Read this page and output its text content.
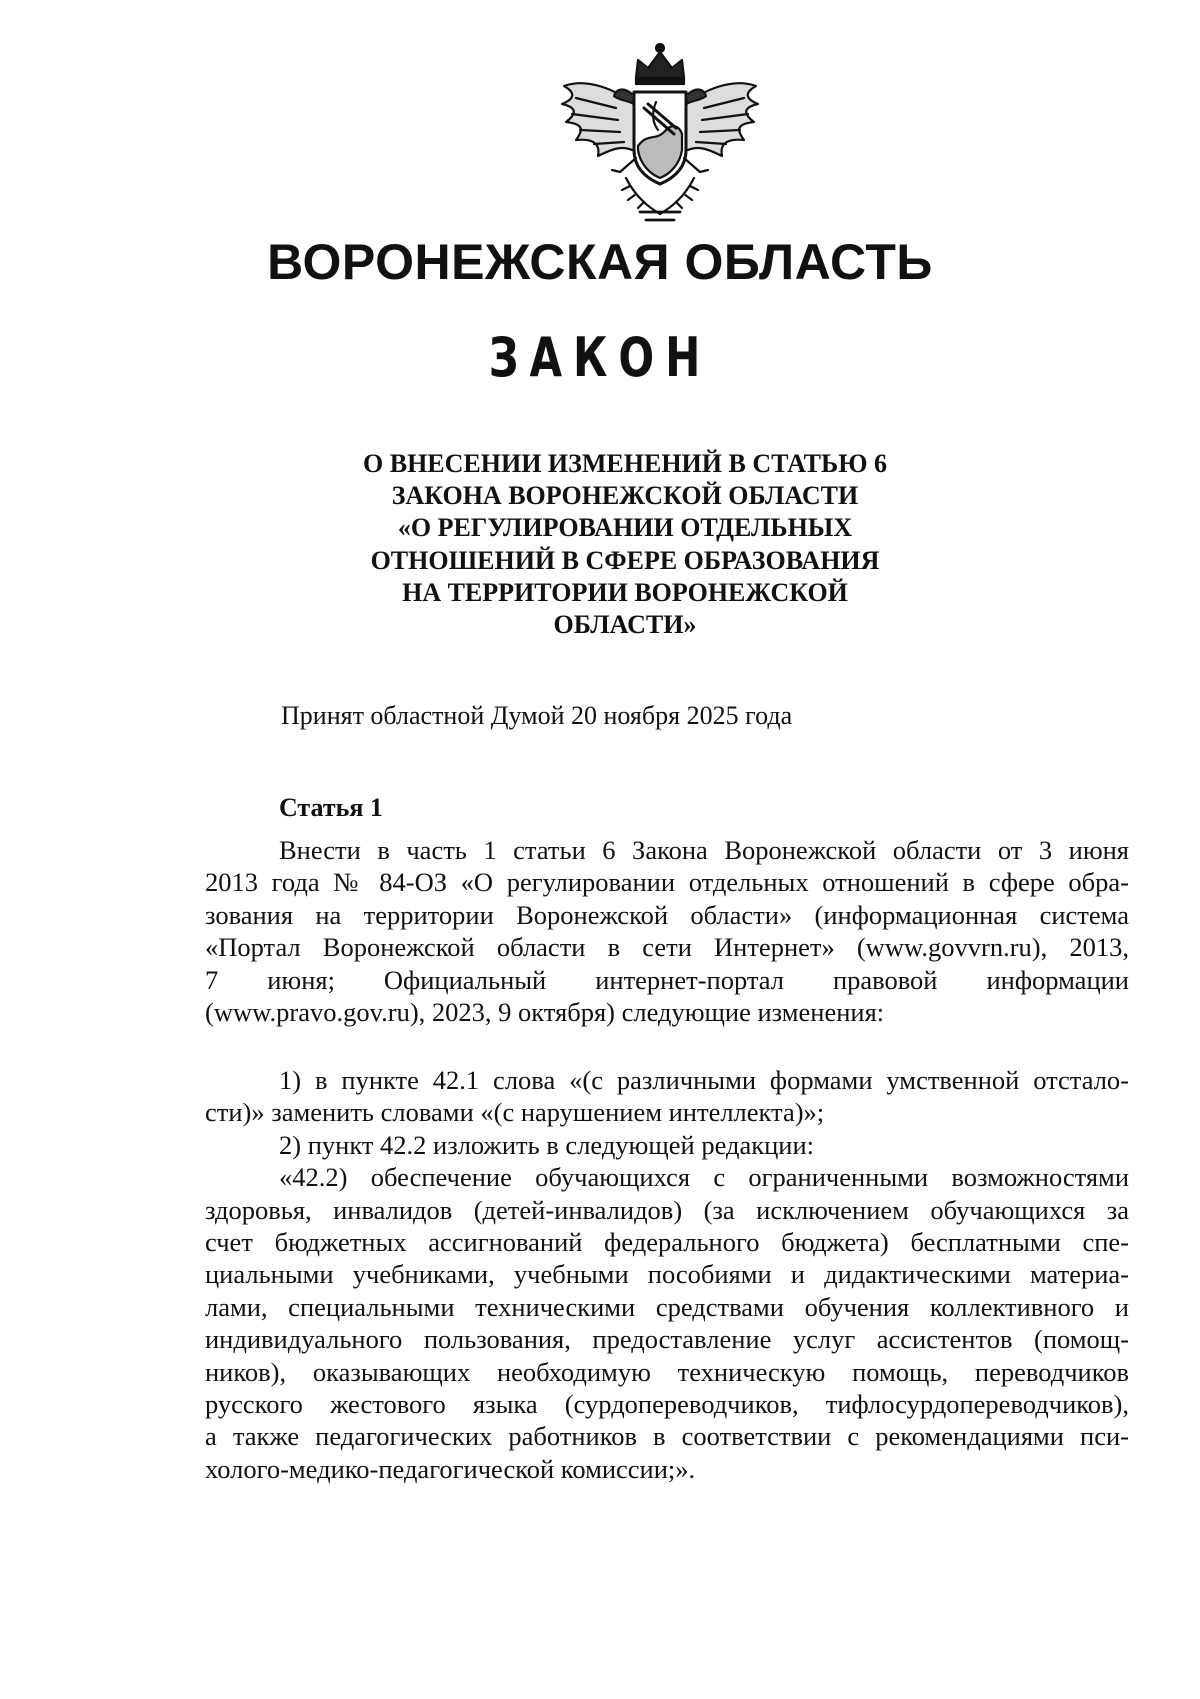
ВОРОНЕЖСКАЯ ОБЛАСТЬ
ЗАКОН
О ВНЕСЕНИИ ИЗМЕНЕНИЙ В СТАТЬЮ 6
ЗАКОНА ВОРОНЕЖСКОЙ ОБЛАСТИ
«О РЕГУЛИРОВАНИИ ОТДЕЛЬНЫХ
ОТНОШЕНИЙ В СФЕРЕ ОБРАЗОВАНИЯ
НА ТЕРРИТОРИИ ВОРОНЕЖСКОЙ
ОБЛАСТИ»

Принят областной Думой 20 ноября 2025 года

Статья 1
Внести в часть 1 статьи 6 Закона Воронежской области от 3 июня
2013 года № 84-ОЗ «О регулировании отдельных отношений в сфере обра-
зования на территории Воронежской области» (информационная система
«Портал Воронежской области в сети Интернет» (www.govvrn.ru), 2013,
7 июня; Официальный интернет-портал правовой информации
(www.pravo.gov.ru), 2023, 9 октября) следующие изменения:
1) в пункте 42.1 слова «(с различными формами умственной отстало-
сти)» заменить словами «(с нарушением интеллекта)»;
2) пункт 42.2 изложить в следующей редакции:
«42.2) обеспечение обучающихся с ограниченными возможностями
здоровья, инвалидов (детей-инвалидов) (за исключением обучающихся за
счет бюджетных ассигнований федерального бюджета) бесплатными спе-
циальными учебниками, учебными пособиями и дидактическими материа-
лами, специальными техническими средствами обучения коллективного и
индивидуального пользования, предоставление услуг ассистентов (помощ-
ников), оказывающих необходимую техническую помощь, переводчиков
русского жестового языка (сурдопереводчиков, тифлосурдопереводчиков),
а также педагогических работников в соответствии с рекомендациями пси-
холого-медико-педагогической комиссии;».
